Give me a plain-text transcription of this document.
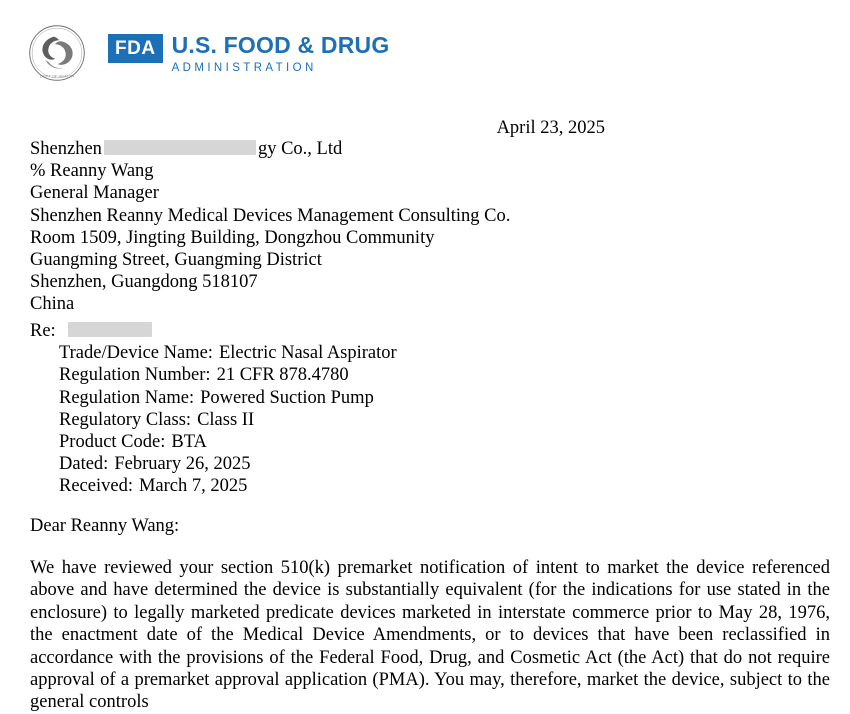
DEPT OF HEALTH
FDA U.S. FOOD & DRUG
ADMINISTRATION
April 23, 2025
Shenzhen	gy Co., Ltd
% Reanny Wang
General Manager
Shenzhen Reanny Medical Devices Management Consulting Co.
Room 1509, Jingting Building, Dongzhou Community
Guangming Street, Guangming District
Shenzhen, Guangdong 518107
China
Re:
Trade/Device Name: Electric Nasal Aspirator
Regulation Number: 21 CFR 878.4780
Regulation Name: Powered Suction Pump
Regulatory Class: Class II
Product Code: BTA
Dated: February 26, 2025
Received: March 7, 2025
Dear Reanny Wang:
We have reviewed your section 510(k) premarket notification of intent to market the device referenced above and have determined the device is substantially equivalent (for the indications for use stated in the enclosure) to legally marketed predicate devices marketed in interstate commerce prior to May 28, 1976, the enactment date of the Medical Device Amendments, or to devices that have been reclassified in accordance with the provisions of the Federal Food, Drug, and Cosmetic Act (the Act) that do not require approval of a premarket approval application (PMA). You may, therefore, market the device, subject to the general controls
